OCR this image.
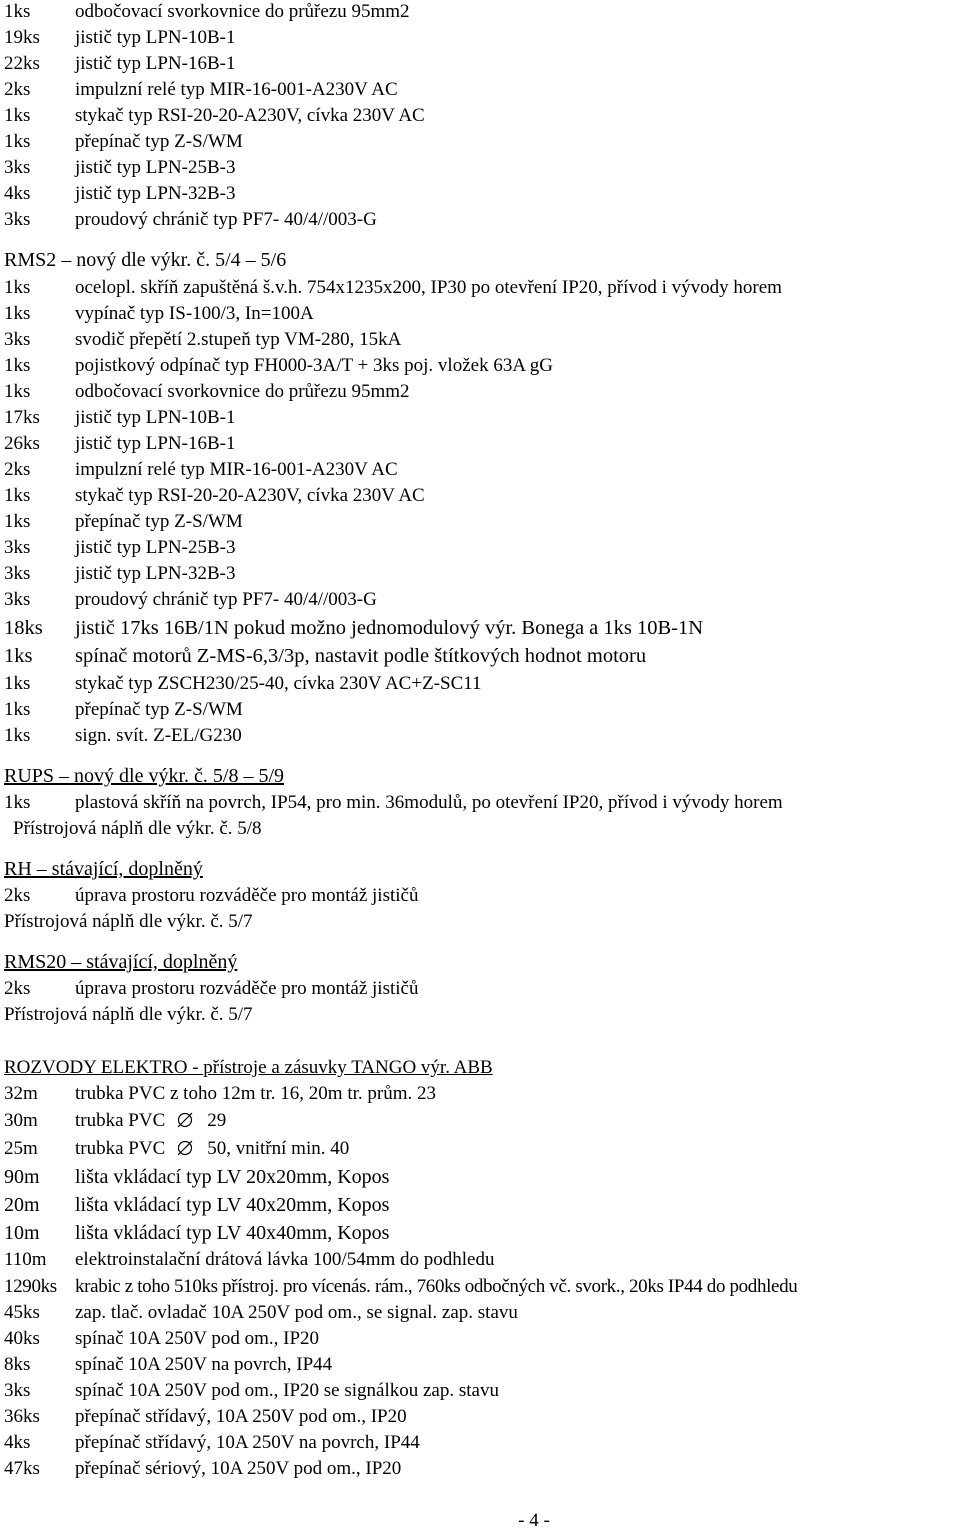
1ks odbočovací svorkovnice do průřezu 95mm2
19ks jistič typ LPN-10B-1
22ks jistič typ LPN-16B-1
2ks impulzní relé typ MIR-16-001-A230V AC
1ks stykač typ RSI-20-20-A230V, cívka 230V AC
1ks přepínač typ Z-S/WM
3ks jistič typ LPN-25B-3
4ks jistič typ LPN-32B-3
3ks proudový chránič typ PF7- 40/4//003-G
RMS2 – nový dle výkr. č. 5/4 – 5/6
1ks ocelopl. skříň zapuštěná š.v.h. 754x1235x200, IP30 po otevření IP20, přívod i vývody horem
1ks vypínač typ IS-100/3, In=100A
3ks svodič přepětí 2.stupeň typ VM-280, 15kA
1ks pojistkový odpínač typ FH000-3A/T + 3ks poj. vložek 63A gG
1ks odbočovací svorkovnice do průřezu 95mm2
17ks jistič typ LPN-10B-1
26ks jistič typ LPN-16B-1
2ks impulzní relé typ MIR-16-001-A230V AC
1ks stykač typ RSI-20-20-A230V, cívka 230V AC
1ks přepínač typ Z-S/WM
3ks jistič typ LPN-25B-3
3ks jistič typ LPN-32B-3
3ks proudový chránič typ PF7- 40/4//003-G
18ks jistič 17ks 16B/1N pokud možno jednomodulový výr. Bonega a 1ks 10B-1N
1ks spínač motorů Z-MS-6,3/3p, nastavit podle štítkových hodnot motoru
1ks stykač typ ZSCH230/25-40, cívka 230V AC+Z-SC11
1ks přepínač typ Z-S/WM
1ks sign. svít. Z-EL/G230
RUPS – nový dle výkr. č. 5/8 – 5/9
1ks plastová skříň na povrch, IP54, pro min. 36modulů, po otevření IP20, přívod i vývody horem
Přístrojová náplň dle výkr. č. 5/8
RH – stávající, doplněný
2ks úprava prostoru rozváděče pro montáž jističů
Přístrojová náplň dle výkr. č. 5/7
RMS20 – stávající, doplněný
2ks úprava prostoru rozváděče pro montáž jističů
Přístrojová náplň dle výkr. č. 5/7
ROZVODY ELEKTRO - přístroje a zásuvky TANGO výr. ABB
32m trubka PVC z toho 12m tr. 16, 20m tr. prům. 23
30m trubka PVC 29
25m trubka PVC 50, vnitřní min. 40
90m lišta vkládací typ LV 20x20mm, Kopos
20m lišta vkládací typ LV 40x20mm, Kopos
10m lišta vkládací typ LV 40x40mm, Kopos
110m elektroinstalační drátová lávka 100/54mm do podhledu
1290ks krabic z toho 510ks přístroj. pro vícenás. rám., 760ks odbočných vč. svork., 20ks IP44 do podhledu
45ks zap. tlač. ovladač 10A 250V pod om., se signal. zap. stavu
40ks spínač 10A 250V pod om., IP20
8ks spínač 10A 250V na povrch, IP44
3ks spínač 10A 250V pod om., IP20 se signálkou zap. stavu
36ks přepínač střídavý, 10A 250V pod om., IP20
4ks přepínač střídavý, 10A 250V na povrch, IP44
47ks přepínač sériový, 10A 250V pod om., IP20
- 4 -
